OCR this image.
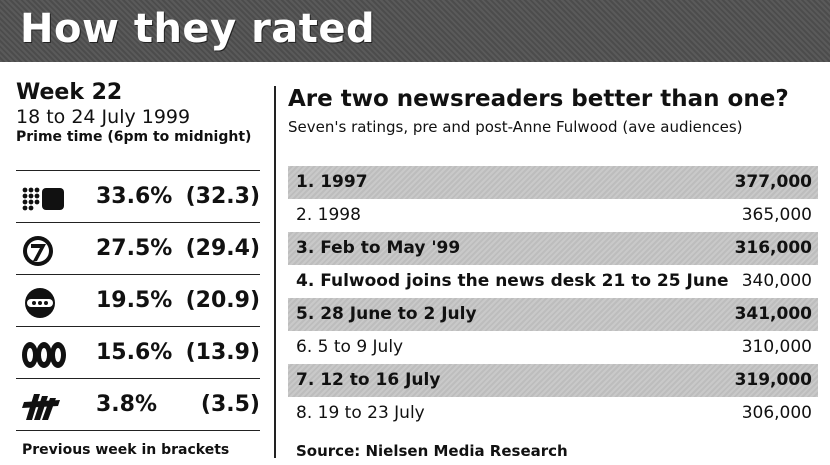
How they rated
Week 22
18 to 24 July 1999
Prime time (6pm to midnight)
33.6% (32.3)
27.5% (29.4)
19.5% (20.9)
15.6% (13.9)
3.8% (3.5)
Previous week in brackets
Are two newsreaders better than one?
Seven's ratings, pre and post-Anne Fulwood (ave audiences)
1. 1997	377,000
2. 1998	365,000
3. Feb to May '99	316,000
4. Fulwood joins the news desk 21 to 25 June 340,000
5. 28 June to 2 July	341,000
6. 5 to 9 July	310,000
7. 12 to 16 July	319,000
8. 19 to 23 July	306,000
Source: Nielsen Media Research
